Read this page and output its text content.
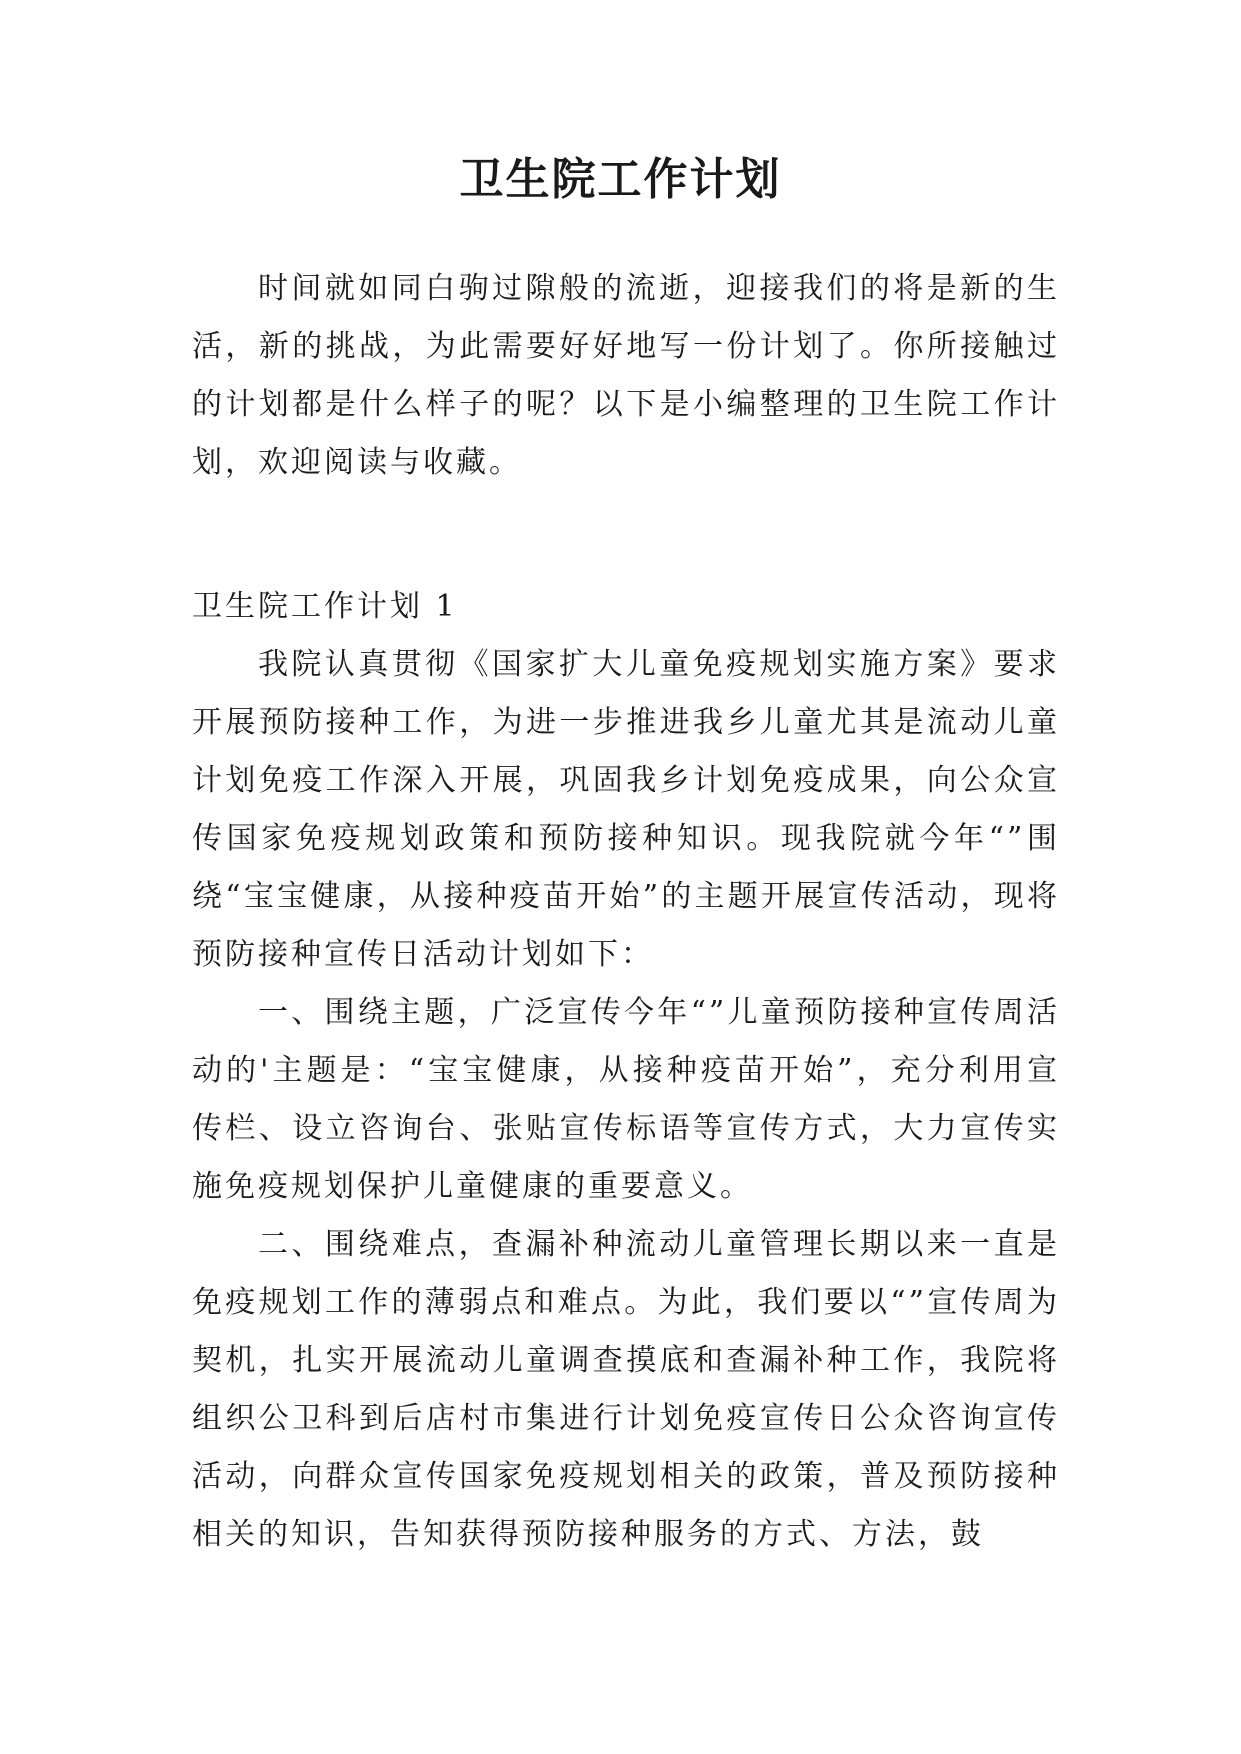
卫生院工作计划

时间就如同白驹过隙般的流逝，迎接我们的将是新的生活，新的挑战，为此需要好好地写一份计划了。你所接触过的计划都是什么样子的呢？以下是小编整理的卫生院工作计划，欢迎阅读与收藏。

卫生院工作计划 1

我院认真贯彻《国家扩大儿童免疫规划实施方案》要求开展预防接种工作，为进一步推进我乡儿童尤其是流动儿童计划免疫工作深入开展，巩固我乡计划免疫成果，向公众宣传国家免疫规划政策和预防接种知识。现我院就今年“”围绕“宝宝健康，从接种疫苗开始”的主题开展宣传活动，现将预防接种宣传日活动计划如下：

一、围绕主题，广泛宣传今年“”儿童预防接种宣传周活动的'主题是：“宝宝健康，从接种疫苗开始”，充分利用宣传栏、设立咨询台、张贴宣传标语等宣传方式，大力宣传实施免疫规划保护儿童健康的重要意义。

二、围绕难点，查漏补种流动儿童管理长期以来一直是免疫规划工作的薄弱点和难点。为此，我们要以“”宣传周为契机，扎实开展流动儿童调查摸底和查漏补种工作，我院将组织公卫科到后店村市集进行计划免疫宣传日公众咨询宣传活动，向群众宣传国家免疫规划相关的政策，普及预防接种相关的知识，告知获得预防接种服务的方式、方法，鼓
